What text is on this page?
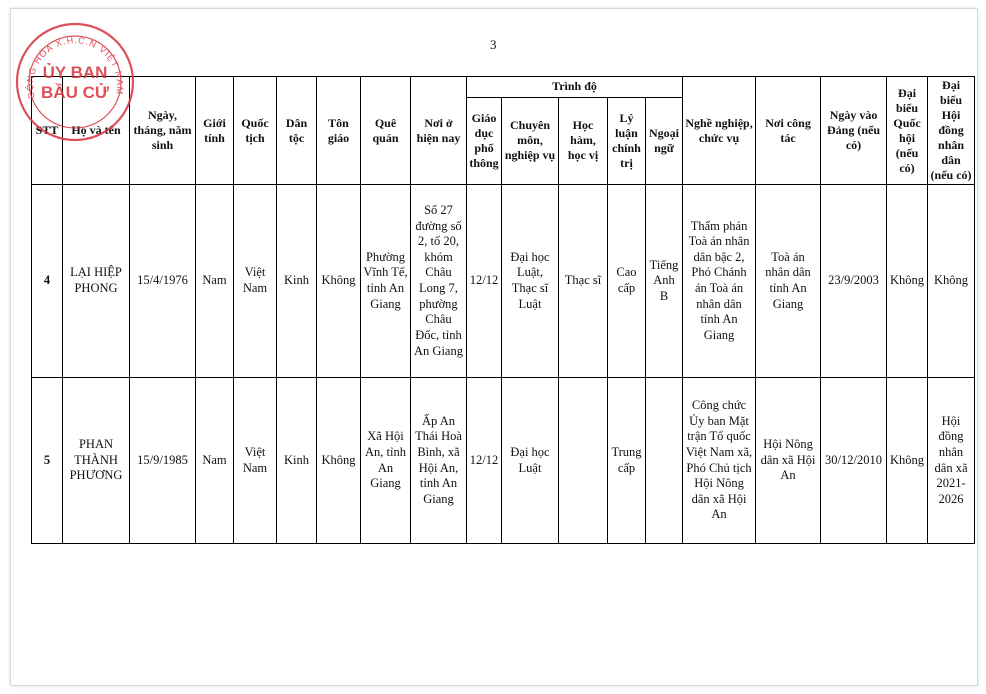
3
STT	Họ và tên	Ngày, tháng, năm sinh	Giới tính	Quốc tịch	Dân tộc	Tôn giáo	Quê quán	Nơi ở hiện nay	Trình độ					Nghề nghiệp, chức vụ	Nơi công tác	Ngày vào Đảng (nếu có)	Đại biểu Quốc hội (nếu có)	Đại biểu Hội đồng nhân dân (nếu có)
									Giáo dục phổ thông	Chuyên môn, nghiệp vụ	Học hàm, học vị	Lý luận chính trị	Ngoại ngữ					
4	LẠI HIỆP PHONG	15/4/1976	Nam	Việt Nam	Kinh	Không	Phường Vĩnh Tế, tỉnh An Giang	Số 27 đường số 2, tổ 20, khóm Châu Long 7, phường Châu Đốc, tỉnh An Giang	12/12	Đại học Luật, Thạc sĩ Luật	Thạc sĩ	Cao cấp	Tiếng Anh B	Thẩm phán Toà án nhân dân bậc 2, Phó Chánh án Toà án nhân dân tỉnh An Giang	Toà án nhân dân tỉnh An Giang	23/9/2003	Không	Không
5	PHAN THÀNH PHƯƠNG	15/9/1985	Nam	Việt Nam	Kinh	Không	Xã Hội An, tỉnh An Giang	Ấp An Thái Hoà Bình, xã Hội An, tỉnh An Giang	12/12	Đại học Luật		Trung cấp		Công chức Ủy ban Mặt trận Tổ quốc Việt Nam xã, Phó Chủ tịch Hội Nông dân xã Hội An	Hội Nông dân xã Hội An	30/12/2010	Không	Hội đồng nhân dân xã 2021-2026
CỘNG HÒA X.H.C.N VIỆT NAM
ỦY BAN
BẦU CỬ
